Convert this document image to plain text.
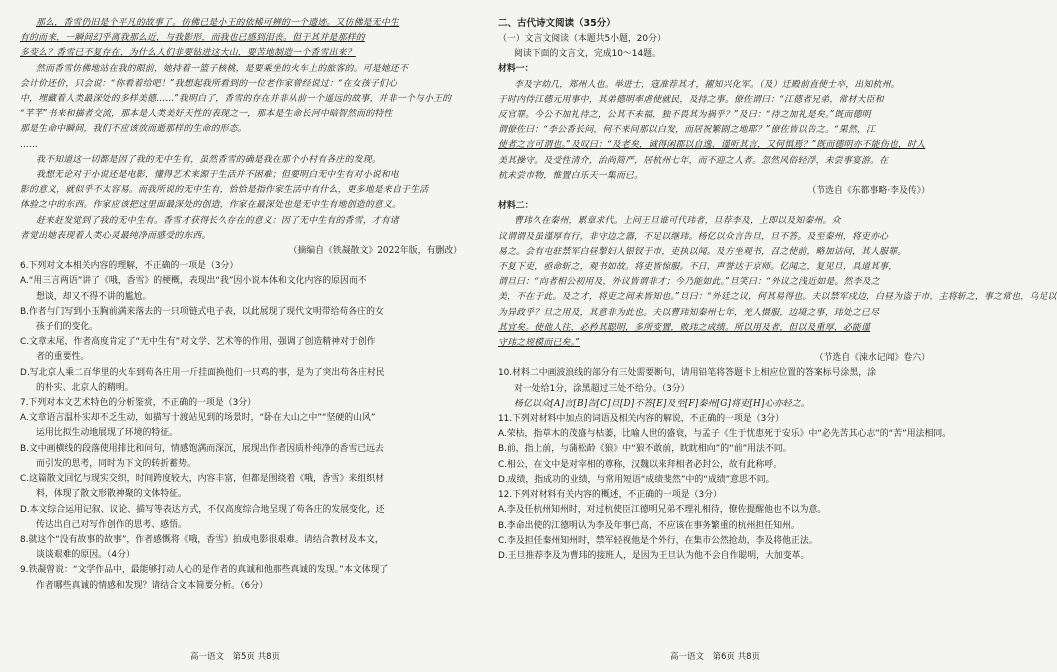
那么，香雪仍旧是个平凡的故事了。仿佛已是小王的依稀可辨的一个遗迹。又仿佛是无中生

有的而来，一瞬间幻乎离我那么近，与我影形，而我也已感到泪丧。但于其并是那样的

多变么？香雪已不复存在，为什么人们非要钻进这大山，要苦地制造一个香雪出来？

然而香雪仿佛地站在我的眼前，她持着一篮子核桃，是要乘坐的火车上的旅客的。可是她还不

会计价还价，只会说：“你看着给吧！”我想起我所看到的一位老作家曾经说过：“在女孩子们心

中，埋藏着人类最深处的多样美德……”我明白了，香雪的存在并非从前一个遥远的故事，并非一个与小王的

“芊芊”书来和描者交流，那本是人类美好天性的表现之一，那本是生命长河中暗智然而的特性

那是生命中瞬间，我们不应该放而逝那样的生命的形态。

……

我不知道这一切都是因了我的无中生有，虽然香雪的确是我在那个小村有各庄的发现。

我想无论对于小说还是电影，懂得艺术来源于生活并不困难；但要明白无中生有对小说和电

影的意义，就似乎不太容易。而我所说的无中生有，恰恰是指作家生活中有什么，更多地是来自于生活

体验之中的东西。作家应该把这里面最深处的创造，作家在最深处也是无中生有地创造的意义。

赶来赶发觉到了我的无中生有。香雪才获得长久存在的意义：因了无中生有的香雪，才有诸

者觉出她表现着人类心灵最纯净而感受的东西。

（摘编自《铁凝散文》2022年版，有删改）

6.下列对文本相关内容的理解，不正确的一项是（3分）

A.“用三言两语”讲了《哦，香雪》的梗概，表现出“我”因小说本体和文化内容的原因而不

想谈，却又不得不讲的尴尬。

B.作者与门写到小玉胸前满来落去的一只项链式电子表，以此展现了现代文明带给苟各庄的女

孩子们的变化。

C.文章末尾，作者高度肯定了“无中生有”对文学、艺术等的作用，强调了创造精神对于创作

者的重要性。

D.写北京人乘二百华里的火车到苟各庄用一斤挂面换他们一只鸡的事，是为了突出苟各庄村民

的朴实、北京人的精明。

7.下列对本文艺术特色的分析鉴赏，不正确的一项是（3分）

A.文章语言温朴实却不乏生动，如描写十渡站见到的场景时，“卧在大山之中”“坚硬的山风”

运用比拟生动地展现了环境的特征。

B.文中画横线的段落使用排比和问句，情感饱满而深沉，展现出作者因质朴纯净的香雪已远去

而引发的思考，同时为下文的转折蓄势。

C.这篇散文回忆与现实交织，时间跨度较大，内容丰富，但都是围绕着《哦，香雪》来组织材

料，体现了散文形散神聚的文体特征。

D.本文综合运用记叙、议论、描写等表达方式，不仅高度综合地呈现了苟各庄的发展变化，还

传达出自己对写作创作的思考、感悟。

8.就这个“没有故事的故事”，作者感慨将《哦，香雪》拍成电影很艰难。请结合教材及本文，

谈谈艰难的原因。（4分）

9.铁凝曾说：“文学作品中，最能够打动人心的是作者的真诚和他那些真诚的发现。”本文体现了

作者哪些真诚的情感和发现？请结合文本简要分析。（6分）

高一语文　第5页 共8页

二、古代诗文阅读（35分）

（一）文言文阅读（本题共5小题，20分）

阅读下面的文言文，完成10～14题。

材料一：

李及字幼几，郑州人也。举进士，寇准荐其才，擢知兴化军。（及）迁殿前直使士卒，出知杭州。

于时内侍江德元用事中，其弟德明率虐使就民，及持之事。僚佐谓曰：“江德者兄弟，常材大臣和

反官罪。今公不加礼待之，公其不未福，独不畏其为祸乎？”及曰：“待之加礼是矣。”既而德明

谓僚佐曰：“李公香长问，何不来问那以白发，而居祝繁剧之地耶？”僚佐皆以告之。“果然，江

使者之言可谓也。”及叹曰：“及老矣，诚得闲郡以自逸，谨听其言，又何惧焉？”既而德明亦不能伤也，时人

美其操守。及受性清介，治尚简严，居杭州七年，而不迎之人者。忽然风俗轻浮，未尝事宴游。在

杭未尝市物，惟置白乐天一集而已。

（节选自《东都事略·李及传》）

材料二：

曹玮久在秦州，累章求代。上问王旦谁可代玮者，旦荐李及，上即以及知秦州。众

议谓谓及虽谨厚有行，非守边之器，不足以继玮。杨亿以众言告旦，旦不答。及至秦州，将吏亦心

易之。会有屯驻禁军白昼掣妇人银钗于市，吏执以闻。及方坐观书，召之使前，略加诘问，其人服罪。

不复下吏，亟命斩之，观书如故。将吏皆惊服。不日，声誉达于京师。亿闻之，复见旦，具道其事，

谓旦曰：“向者相公初用及，外议皆谓非才；今乃能如此。”旦笑曰：“外议之浅近如是。然李及之

美，不在于此。及之才，将吏之间未皆知也。”旦曰：“外廷之议，何其易得也。夫以禁军戍边，白昼为盗于市，主将斩之，事之常也，乌足以

为异政乎？旦之用及，其意非为此也。夫以曹玮知秦州七年，羌人慑服，边境之事，玮处之已尽

其宜矣。使他人往，必矜其聪明，多所变置，败玮之成绩。所以用及者，但以及重厚，必能谨

守玮之规模而已矣。”

（节选自《涑水记闻》卷六）

10.材料二中画波浪线的部分有三处需要断句，请用铅笔将答题卡上相应位置的答案标号涂黑，涂

对一处给1分，涂黑超过三处不给分。（3分）

杨亿以众[A]言[B]告[C]旦[D]不答[E]及至[F]秦州[G]将吏[H]心亦轻之。

11.下列对材料中加点的词语及相关内容的解说，不正确的一项是（3分）

A.荣枯，指草木的茂盛与枯萎，比喻人世的盛衰，与孟子《生于忧患死于安乐》中“必先苦其心志”的“苦”用法相同。

B.前，指上前，与蒲松龄《狼》中“狼不敢前，眈眈相向”的“前”用法不同。

C.相公，在文中是对宰相的尊称，汉魏以来拜相者必封公，故有此称呼。

D.成绩，指成功的业绩，与常用短语“成绩斐然”中的“成绩”意思不同。

12.下列对材料有关内容的概述，不正确的一项是（3分）

A.李及任杭州知州时，对过杭使臣江德明兄弟不理礼相待，僚佐提醒他也不以为意。

B.李命出使的江德明认为李及年事已高，不应该在事务繁重的杭州担任知州。

C.李及担任秦州知州时，禁军轻视他是个外行，在集市公然抢劫，李及将他正法。

D.王旦推荐李及为曹玮的接班人，是因为王旦认为他不会自作聪明，大加变革。

高一语文　第6页 共8页
